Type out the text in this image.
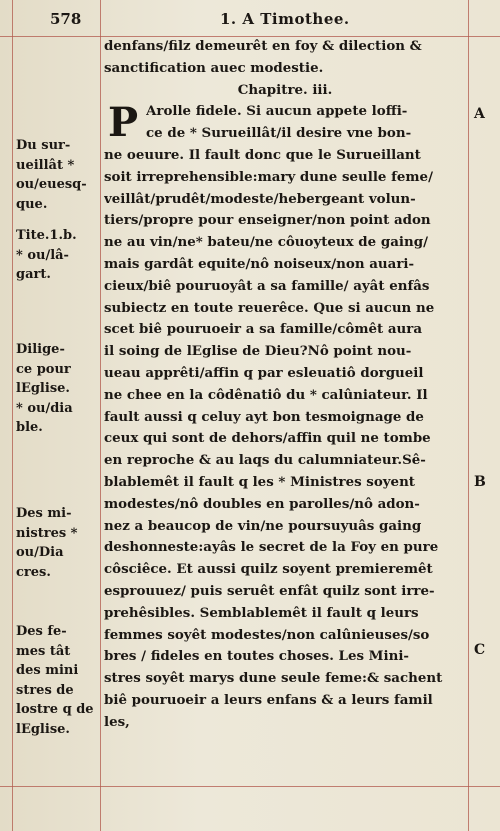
578	1. A Timothee.
denfans/filz demeurêt en foy & dilection &
sanctification auec modestie.
Chapitre. iii.
P Arolle fidele. Si aucun appete loffi-
ce de * Surueillât/il desire vne bon-
ne oeuure. Il fault donc que le Surueillant
soit irreprehensible:mary dune seulle feme/
veillât/prudêt/modeste/hebergeant volun-
tiers/propre pour enseigner/non point adon
ne au vin/ne* bateu/ne côuoyteux de gaing/
mais gardât equite/nô noiseux/non auari-
cieux/biê pouruoyât a sa famille/ ayât enfâs
subiectz en toute reuerêce. Que si aucun ne
scet biê pouruoeir a sa famille/cômêt aura
il soing de lEglise de Dieu?Nô point nou-
ueau apprêti/affin q par esleuatiô dorgueil
ne chee en la côdênatiô du * calûniateur. Il
fault aussi q celuy ayt bon tesmoignage de
ceux qui sont de dehors/affin quil ne tombe
en reproche & au laqs du calumniateur.Sê-
blablemêt il fault q les * Ministres soyent
modestes/nô doubles en parolles/nô adon-
nez a beaucop de vin/ne poursuyuâs gaing
deshonneste:ayâs le secret de la Foy en pure
côsciêce. Et aussi quilz soyent premieremêt
esprouuez/ puis seruêt enfât quilz sont irre-
prehêsibles. Semblablemêt il fault q leurs
femmes soyêt modestes/non calûnieuses/so
bres / fideles en toutes choses. Les Mini-
stres soyêt marys dune seule feme:& sachent
biê pouruoeir a leurs enfans & a leurs famil
les,
Du sur-
ueillât *
ou/euesq-
que.
Tite.1.b.
* ou/lâ-
gart.
Dilige-
ce pour
lEglise.
* ou/dia
ble.
Des mi-
nistres *
ou/Dia
cres.
Des fe-
mes tât
des mini
stres de
lostre q de
lEglise.
A
B
C
